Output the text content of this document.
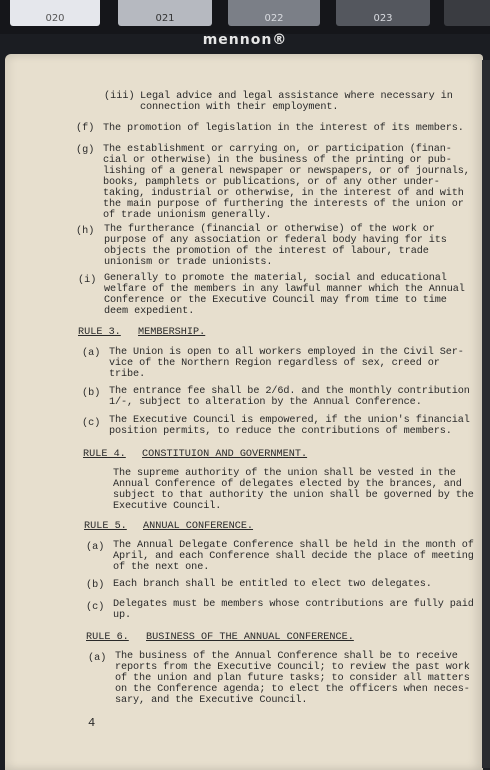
020	021	022	023
mennon®
(iii) Legal advice and legal assistance where necessary in
connection with their employment.
(f) The promotion of legislation in the interest of its members.
(g) The establishment or carrying on, or participation (finan-
cial or otherwise) in the business of the printing or pub-
lishing of a general newspaper or newspapers, or of journals,
books, pamphlets or publications, or of any other under-
taking, industrial or otherwise, in the interest of and with
the main purpose of furthering the interests of the union or
of trade unionism generally.
(h) The furtherance (financial or otherwise) of the work or
purpose of any association or federal body having for its
objects the promotion of the interest of labour, trade
unionism or trade unionists.
(i) Generally to promote the material, social and educational
welfare of the members in any lawful manner which the Annual
Conference or the Executive Council may from time to time
deem expedient.
RULE 3. MEMBERSHIP.
(a) The Union is open to all workers employed in the Civil Ser-
vice of the Northern Region regardless of sex, creed or
tribe.
(b) The entrance fee shall be 2/6d. and the monthly contribution
1/-, subject to alteration by the Annual Conference.
(c) The Executive Council is empowered, if the union's financial
position permits, to reduce the contributions of members.
RULE 4. CONSTITUION AND GOVERNMENT.
The supreme authority of the union shall be vested in the
Annual Conference of delegates elected by the brances, and
subject to that authority the union shall be governed by the
Executive Council.
RULE 5. ANNUAL CONFERENCE.
(a) The Annual Delegate Conference shall be held in the month of
April, and each Conference shall decide the place of meeting
of the next one.
(b) Each branch shall be entitled to elect two delegates.
(c) Delegates must be members whose contributions are fully paid
up.
RULE 6. BUSINESS OF THE ANNUAL CONFERENCE.
(a) The business of the Annual Conference shall be to receive
reports from the Executive Council; to review the past work
of the union and plan future tasks; to consider all matters
on the Conference agenda; to elect the officers when neces-
sary, and the Executive Council.
4
